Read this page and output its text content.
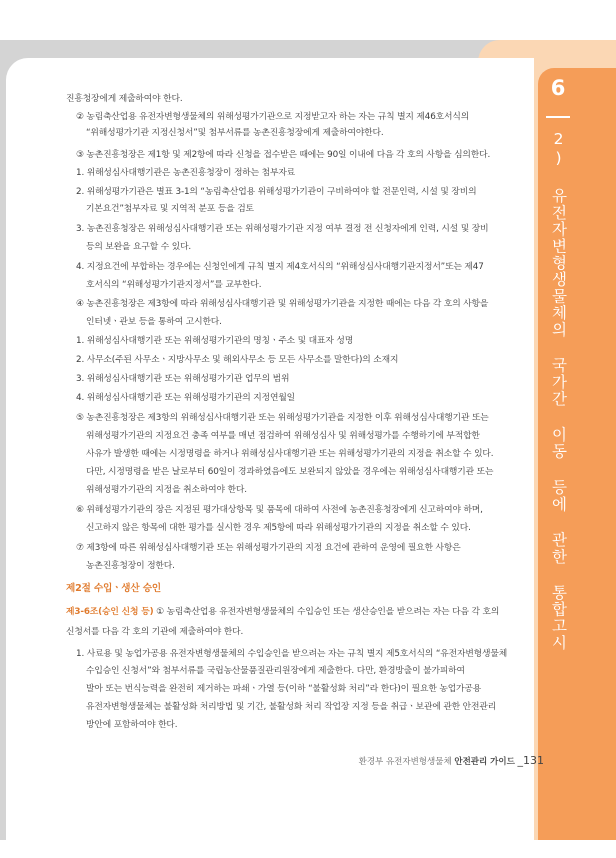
6
2) 유전자변형생물체의 국가간 이동 등에 관한 통합고시
진흥청장에게 제출하여야 한다.
② 농림축산업용 유전자변형생물체의 위해성평가기관으로 지정받고자 하는 자는 규칙 별지 제46호서식의
“위해성평가기관 지정신청서”및 첨부서류를 농촌진흥청장에게 제출하여야한다.
③ 농촌진흥청장은 제1항 및 제2항에 따라 신청을 접수받은 때에는 90일 이내에 다음 각 호의 사항을 심의한다.
1. 위해성심사대행기관은 농촌진흥청장이 정하는 첨부자료
2. 위해성평가기관은 별표 3-1의 “농림축산업용 위해성평가기관이 구비하여야 할 전문인력, 시설 및 장비의
기본요건”첨부자료 및 지역적 분포 등을 검토
3. 농촌진흥청장은 위해성심사대행기관 또는 위해성평가기관 지정 여부 결정 전 신청자에게 인력, 시설 및 장비
등의 보완을 요구할 수 있다.
4. 지정요건에 부합하는 경우에는 신청인에게 규칙 별지 제4호서식의 “위해성심사대행기관지정서”또는 제47
호서식의 “위해성평가기관지정서”를 교부한다.
④ 농촌진흥청장은 제3항에 따라 위해성심사대행기관 및 위해성평가기관을 지정한 때에는 다음 각 호의 사항을
인터넷ㆍ관보 등을 통하여 고시한다.
1. 위해성심사대행기관 또는 위해성평가기관의 명칭ㆍ주소 및 대표자 성명
2. 사무소(주된 사무소ㆍ지방사무소 및 해외사무소 등 모든 사무소를 말한다)의 소재지
3. 위해성심사대행기관 또는 위해성평가기관 업무의 범위
4. 위해성심사대행기관 또는 위해성평가기관의 지정연월일
⑤ 농촌진흥청장은 제3항의 위해성심사대행기관 또는 위해성평가기관을 지정한 이후 위해성심사대행기관 또는
위해성평가기관의 지정요건 충족 여부를 매년 점검하여 위해성심사 및 위해성평가를 수행하기에 부적합한
사유가 발생한 때에는 시정명령을 하거나 위해성심사대행기관 또는 위해성평가기관의 지정을 취소할 수 있다.
다만, 시정명령을 받은 날로부터 60일이 경과하였음에도 보완되지 않았을 경우에는 위해성심사대행기관 또는
위해성평가기관의 지정을 취소하여야 한다.
⑥ 위해성평가기관의 장은 지정된 평가대상항목 및 품목에 대하여 사전에 농촌진흥청장에게 신고하여야 하며,
신고하지 않은 항목에 대한 평가를 실시한 경우 제5항에 따라 위해성평가기관의 지정을 취소할 수 있다.
⑦ 제3항에 따른 위해성심사대행기관 또는 위해성평가기관의 지정 요건에 관하여 운영에 필요한 사항은
농촌진흥청장이 정한다.
제2절 수입ㆍ생산 승인
제3-6조(승인 신청 등) ① 농림축산업용 유전자변형생물체의 수입승인 또는 생산승인을 받으려는 자는 다음 각 호의
신청서를 다음 각 호의 기관에 제출하여야 한다.
1. 사료용 및 농업가공용 유전자변형생물체의 수입승인을 받으려는 자는 규칙 별지 제5호서식의 “유전자변형생물체
수입승인 신청서”와 첨부서류를 국립농산물품질관리원장에게 제출한다. 다만, 환경방출이 불가피하여
발아 또는 번식능력을 완전히 제거하는 파쇄ㆍ가열 등(이하 “불활성화 처리”라 한다)이 필요한 농업가공용
유전자변형생물체는 불활성화 처리방법 및 기간, 불활성화 처리 작업장 지정 등을 취급ㆍ보관에 관한 안전관리
방안에 포함하여야 한다.
환경부 유전자변형생물체 안전관리 가이드 _131
